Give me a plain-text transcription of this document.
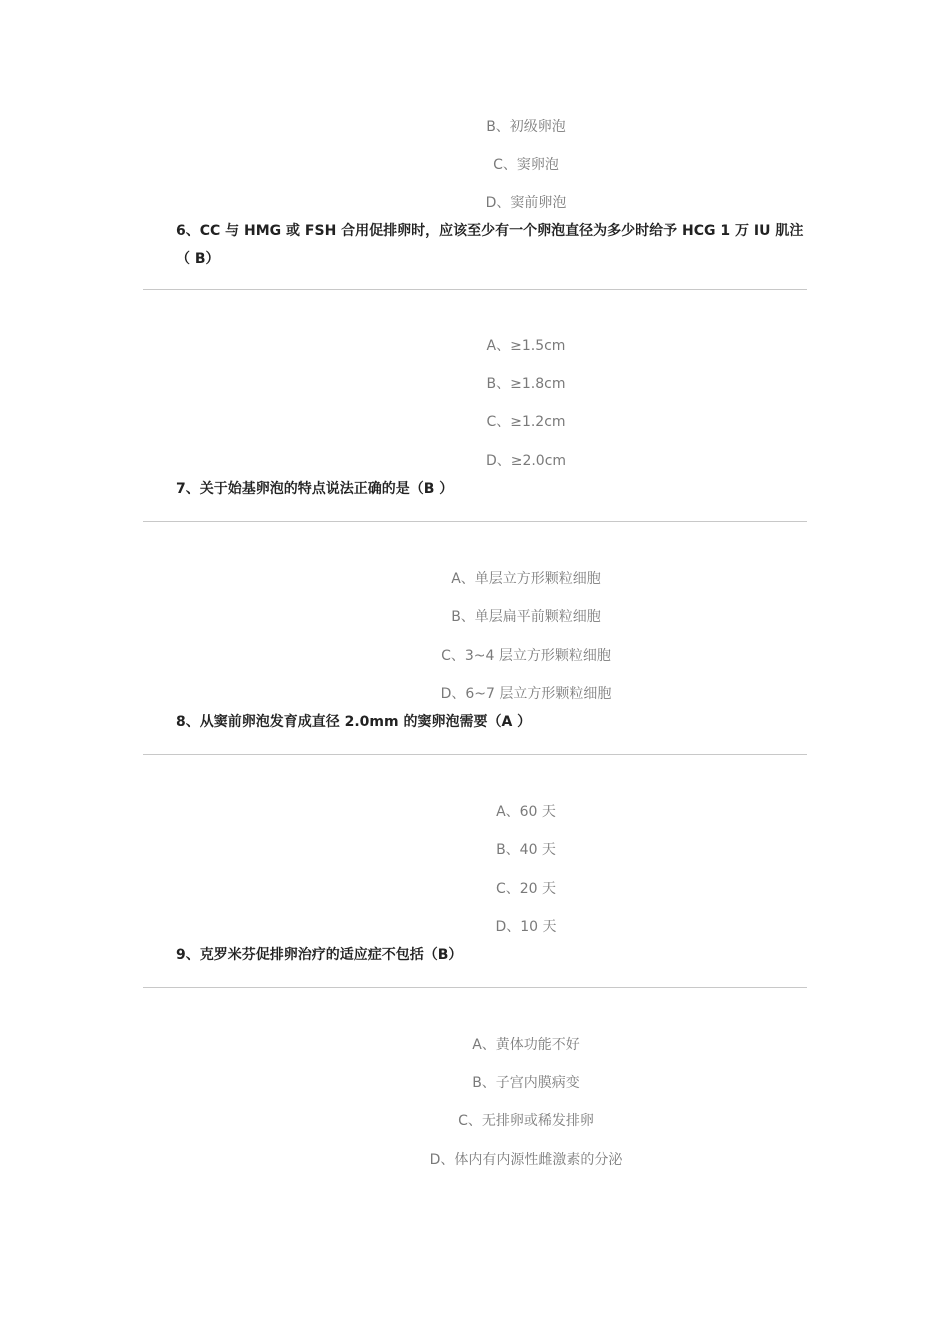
B、初级卵泡
C、窦卵泡
D、窦前卵泡
6、CC 与 HMG 或 FSH 合用促排卵时，应该至少有一个卵泡直径为多少时给予 HCG 1 万 IU 肌注（ B）
A、≥1.5cm
B、≥1.8cm
C、≥1.2cm
D、≥2.0cm
7、关于始基卵泡的特点说法正确的是（B ）
A、单层立方形颗粒细胞
B、单层扁平前颗粒细胞
C、3~4 层立方形颗粒细胞
D、6~7 层立方形颗粒细胞
8、从窦前卵泡发育成直径 2.0mm 的窦卵泡需要（A ）
A、60 天
B、40 天
C、20 天
D、10 天
9、克罗米芬促排卵治疗的适应症不包括（B）
A、黄体功能不好
B、子宫内膜病变
C、无排卵或稀发排卵
D、体内有内源性雌激素的分泌
